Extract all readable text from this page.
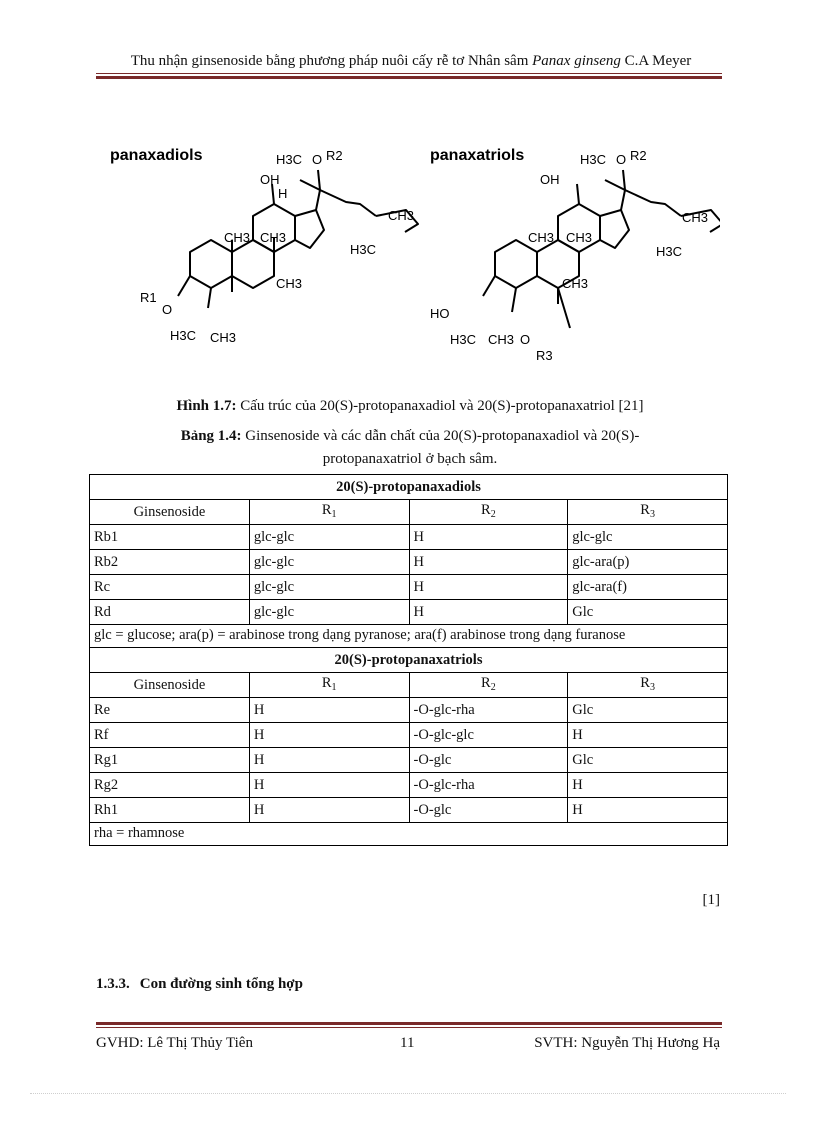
Thu nhận ginsenoside bằng phương pháp nuôi cấy rễ tơ Nhân sâm Panax ginseng C.A Meyer
panaxadiols
R1
O
H3C CH3
CH3 CH3
CH3
OH
H
H3C O R2
CH3
H3C
panaxatriols
HO
H3C CH3 O
R3
CH3 CH3
CH3
OH
H3C O R2
CH3
H3C
Hình 1.7: Cấu trúc của 20(S)-protopanaxadiol và 20(S)-protopanaxatriol [21]
Bảng 1.4: Ginsenoside và các dẫn chất của 20(S)-protopanaxadiol và 20(S)-
protopanaxatriol ở bạch sâm.
20(S)-protopanaxadiols			
Ginsenoside	$R_1$	$R_2$	$R_3$
Rb1	glc-glc	H	glc-glc
Rb2	glc-glc	H	glc-ara(p)
Rc	glc-glc	H	glc-ara(f)
Rd	glc-glc	H	Glc
glc = glucose; ara(p) = arabinose trong dạng pyranose; ara(f) arabinose trong dạng furanose			
20(S)-protopanaxatriols			
Ginsenoside	$R_1$	$R_2$	$R_3$
Re	H	-O-glc-rha	Glc
Rf	H	-O-glc-glc	H
Rg1	H	-O-glc	Glc
Rg2	H	-O-glc-rha	H
Rh1	H	-O-glc	H
rha = rhamnose			
[1]
1.3.3. Con đường sinh tổng hợp
GVHD: Lê Thị Thủy Tiên	11	SVTH: Nguyễn Thị Hương Hạ
